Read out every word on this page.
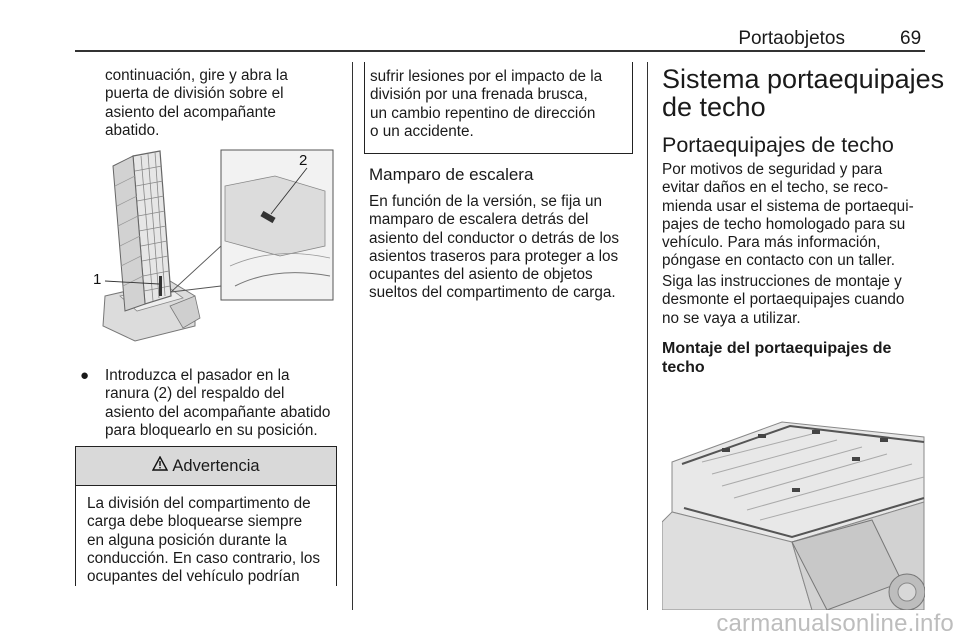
Portaobjetos	69

continuación, gire y abra la

puerta de división sobre el

asiento del acompañante

abatido.

1
2
● Introduzca el pasador en la

ranura (2) del respaldo del

asiento del acompañante abatido

para bloquearlo en su posición.

Advertencia

La división del compartimento de

carga debe bloquearse siempre

en alguna posición durante la

conducción. En caso contrario, los

ocupantes del vehículo podrían

sufrir lesiones por el impacto de la

división por una frenada brusca,

un cambio repentino de dirección

o un accidente.

Mamparo de escalera

En función de la versión, se fija un

mamparo de escalera detrás del

asiento del conductor o detrás de los

asientos traseros para proteger a los

ocupantes del asiento de objetos

sueltos del compartimento de carga.

Sistema portaequipajes
de techo
Portaequipajes de techo

Por motivos de seguridad y para

evitar daños en el techo, se reco-

mienda usar el sistema de portaequi-

pajes de techo homologado para su

vehículo. Para más información,

póngase en contacto con un taller.

Siga las instrucciones de montaje y

desmonte el portaequipajes cuando

no se vaya a utilizar.

Montaje del portaequipajes de
techo
carmanualsonline.info
